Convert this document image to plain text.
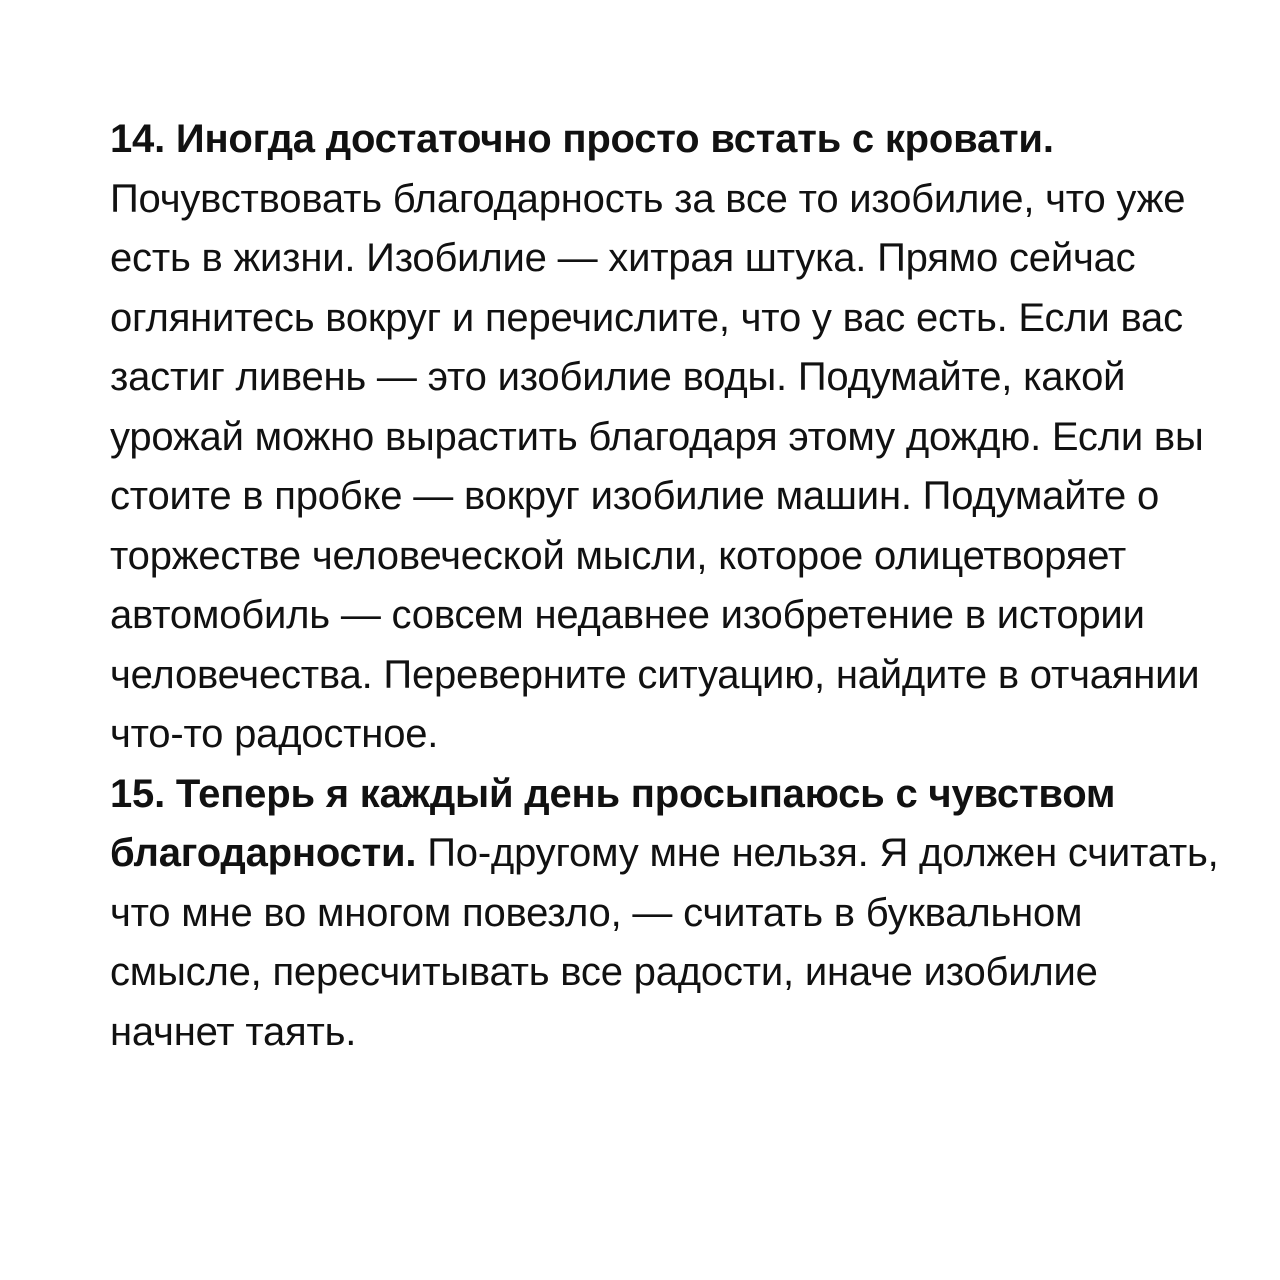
14. Иногда достаточно просто встать с кровати.
Почувствовать благодарность за все то изобилие, что уже есть в жизни. Изобилие — хитрая штука. Прямо сейчас оглянитесь вокруг и перечислите, что у вас есть. Если вас застиг ливень — это изобилие воды. Подумайте, какой урожай можно вырастить благодаря этому дождю. Если вы стоите в пробке — вокруг изобилие машин. Подумайте о торжестве человеческой мысли, которое олицетворяет автомобиль — совсем недавнее изобретение в истории человечества. Переверните ситуацию, найдите в отчаянии что-то радостное.

15. Теперь я каждый день просыпаюсь с чувством благодарности. По-другому мне нельзя. Я должен считать, что мне во многом повезло, — считать в буквальном смысле, пересчитывать все радости, иначе изобилие начнет таять.
